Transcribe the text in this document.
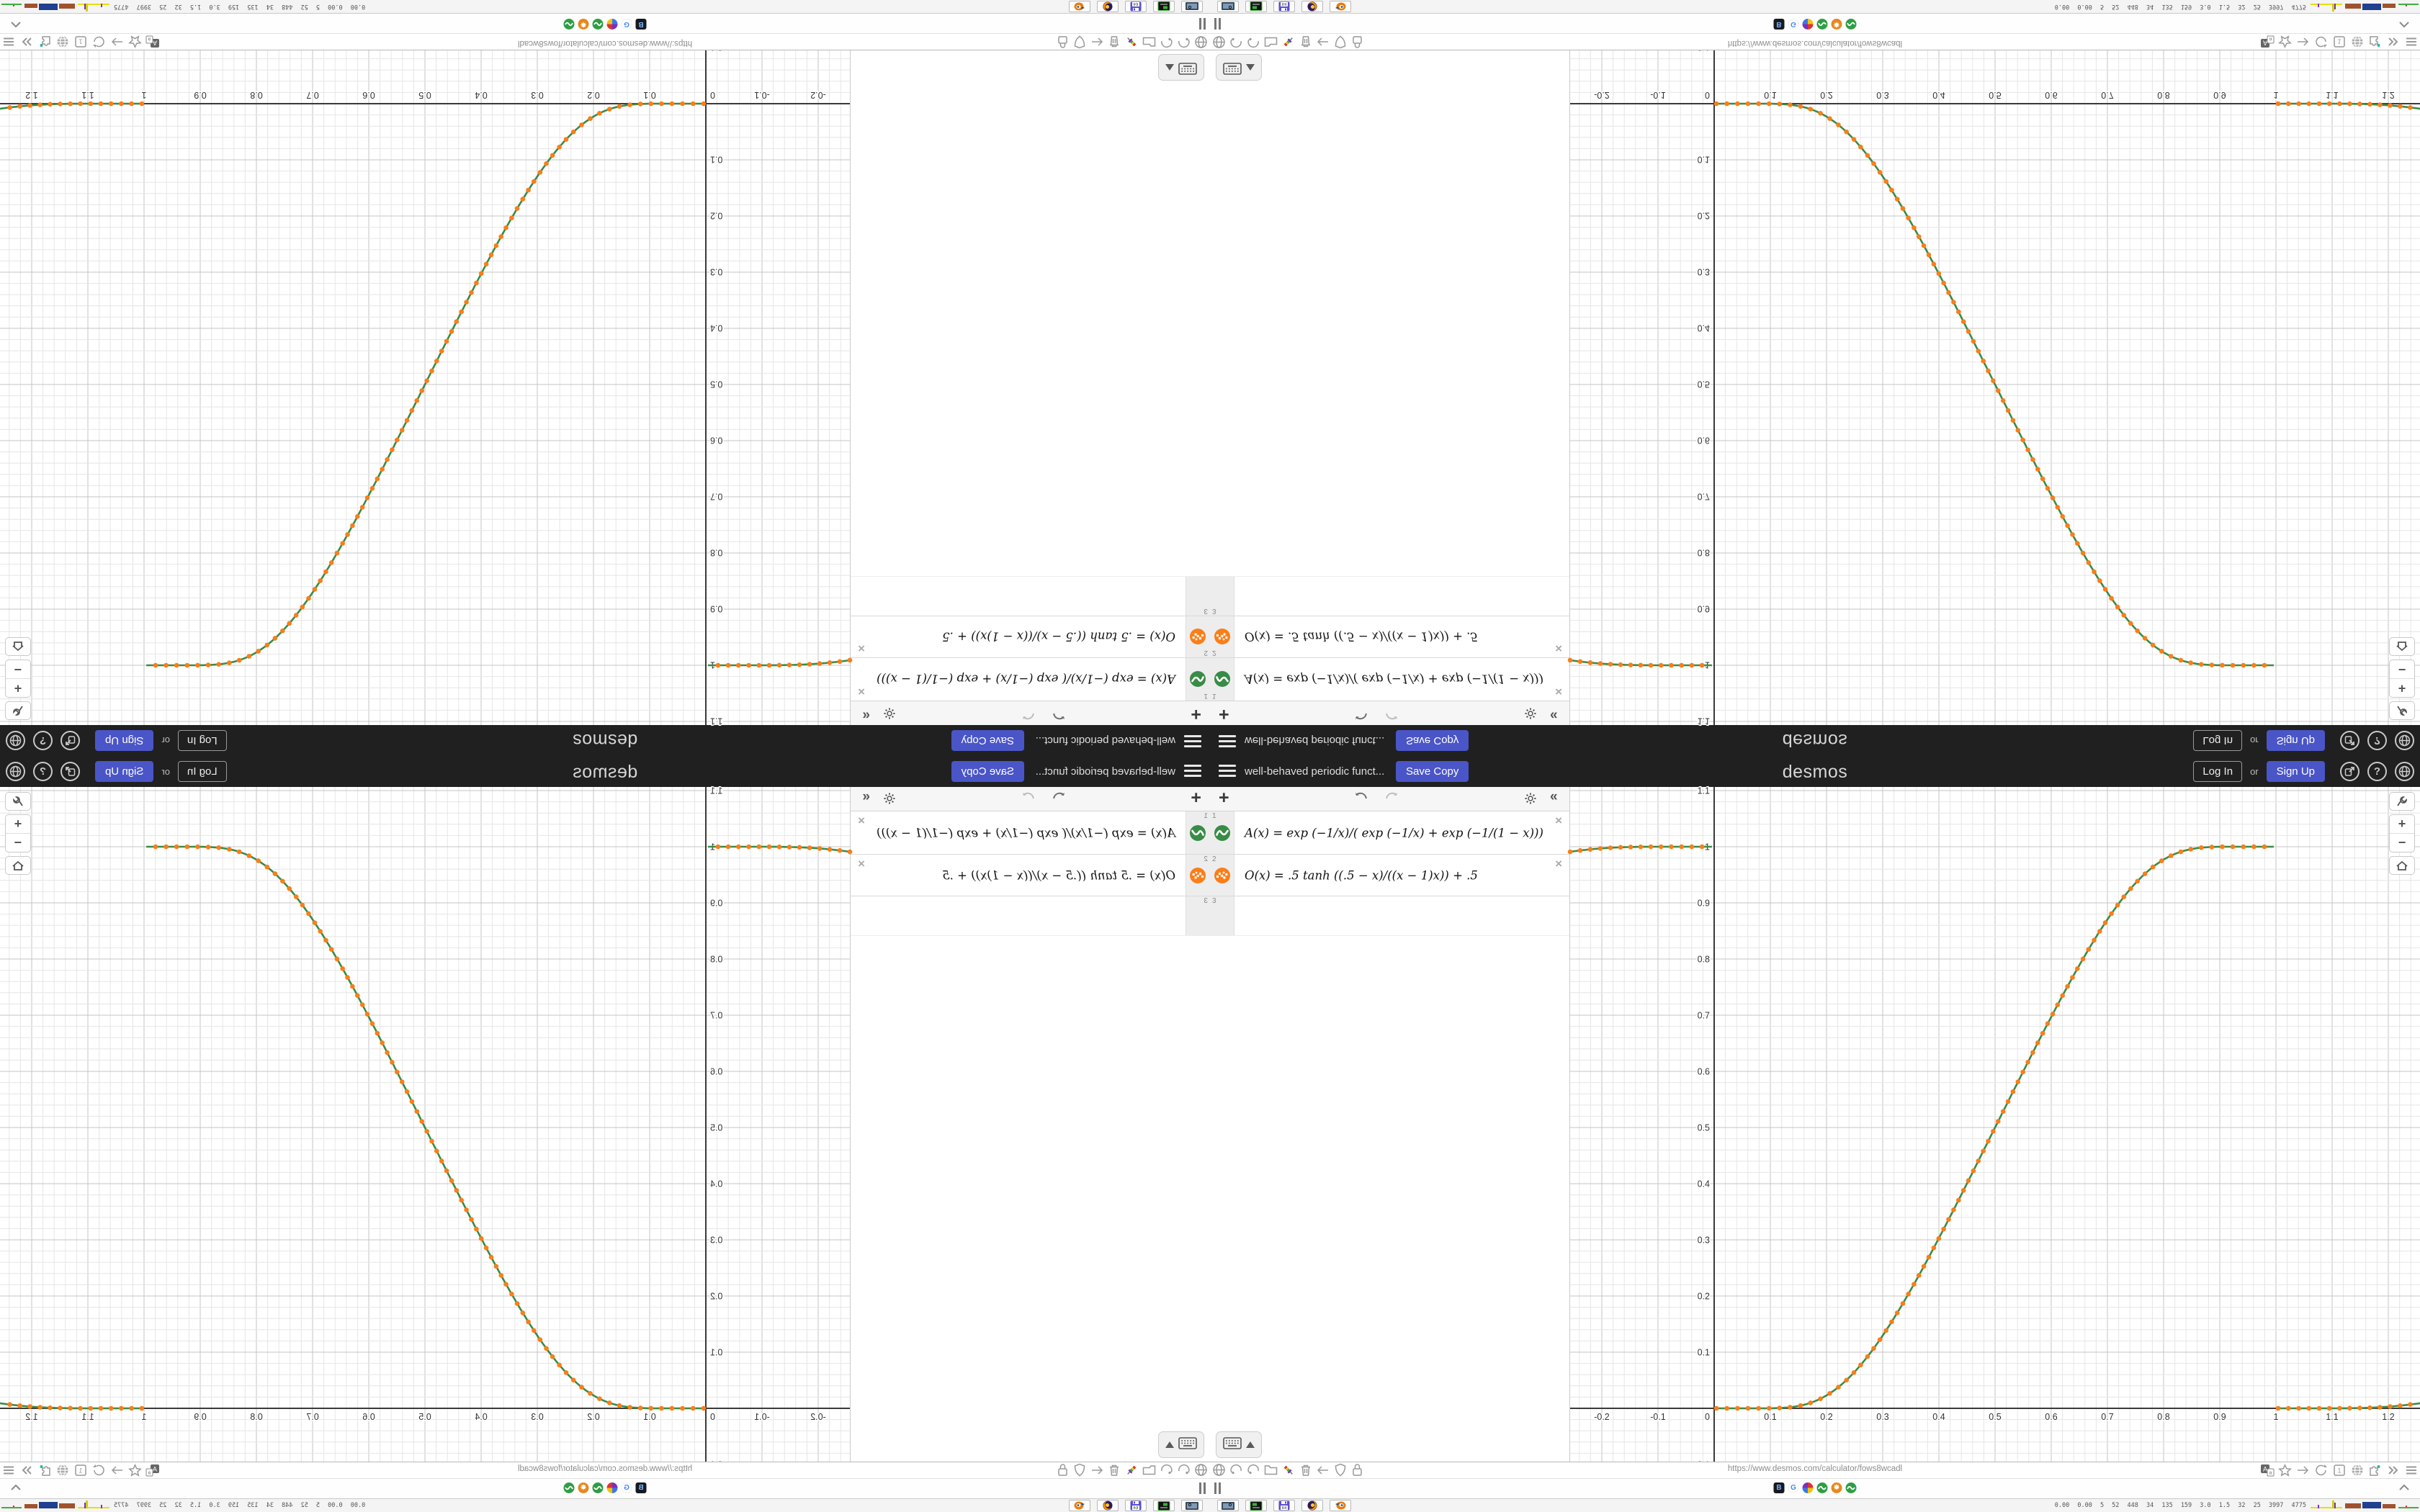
well-behaved periodic funct...	Save Copy	desmos	Log In	or	Sign Up	?
+	«
1
A(x) = exp (−1/x)/( exp (−1/x) + exp (−1/(1 − x)))
×
2
O(x) = .5 tanh ((.5 − x)/((x − 1)x)) + .5
×
3
-0.2	-0.1	0	0.1	0.2	0.3	0.4	0.5	0.6	0.7	0.8	0.9	1	1.1	1.2
0.1
0.2
0.3
0.4
0.5
0.6
0.7
0.8
0.9
1
1.1
+
−
https://www.desmos.com/calculator/fows8wcadl	A
a	1
B	G	✸
64	0.00 0.00 5 52 448 34 135 159 3.0 1.5 32 25 3997 4775
well-behaved periodic funct...
Save Copy
desmos
Log In
or
Sign Up
?
+
«
1
A(x) = exp (−1/x)/( exp (−1/x) + exp (−1/(1 − x)))
×
2
O(x) = .5 tanh ((.5 − x)/((x − 1)x)) + .5
×
3
-0.2
-0.1
0
0.1
0.2
0.3
0.4
0.5
0.6
0.7
0.8
0.9
1
1.1
1.2
0.1
0.2
0.3
0.4
0.5
0.6
0.7
0.8
0.9
1
1.1
+
−
https://www.desmos.com/calculator/fows8wcadl
A
a
1
B
G
✸
64
0.00 0.00 5 52 448 34 135 159 3.0 1.5 32 25 3997 4775
well-behaved periodic funct...	Save Copy	desmos	Log In	or	Sign Up	?
+	«
1
A(x) = exp (−1/x)/( exp (−1/x) + exp (−1/(1 − x)))
×
2
O(x) = .5 tanh ((.5 − x)/((x − 1)x)) + .5
×
3
-0.2	-0.1	0	0.1	0.2	0.3	0.4	0.5	0.6	0.7	0.8	0.9	1	1.1	1.2
0.1
0.2
0.3
0.4
0.5
0.6
0.7
0.8
0.9
1
1.1
+
−
https://www.desmos.com/calculator/fows8wcadl	A
a	1
B	G	✸
64	0.00 0.00 5 52 448 34 135 159 3.0 1.5 32 25 3997 4775
well-behaved periodic funct...
Save Copy
desmos
Log In
or
Sign Up
?
+
«
1
A(x) = exp (−1/x)/( exp (−1/x) + exp (−1/(1 − x)))
×
2
O(x) = .5 tanh ((.5 − x)/((x − 1)x)) + .5
×
3
-0.2
-0.1
0
0.1
0.2
0.3
0.4
0.5
0.6
0.7
0.8
0.9
1
1.1
1.2
0.1
0.2
0.3
0.4
0.5
0.6
0.7
0.8
0.9
1
1.1
+
−
https://www.desmos.com/calculator/fows8wcadl
A
a
1
B
G
✸
64
0.00 0.00 5 52 448 34 135 159 3.0 1.5 32 25 3997 4775
